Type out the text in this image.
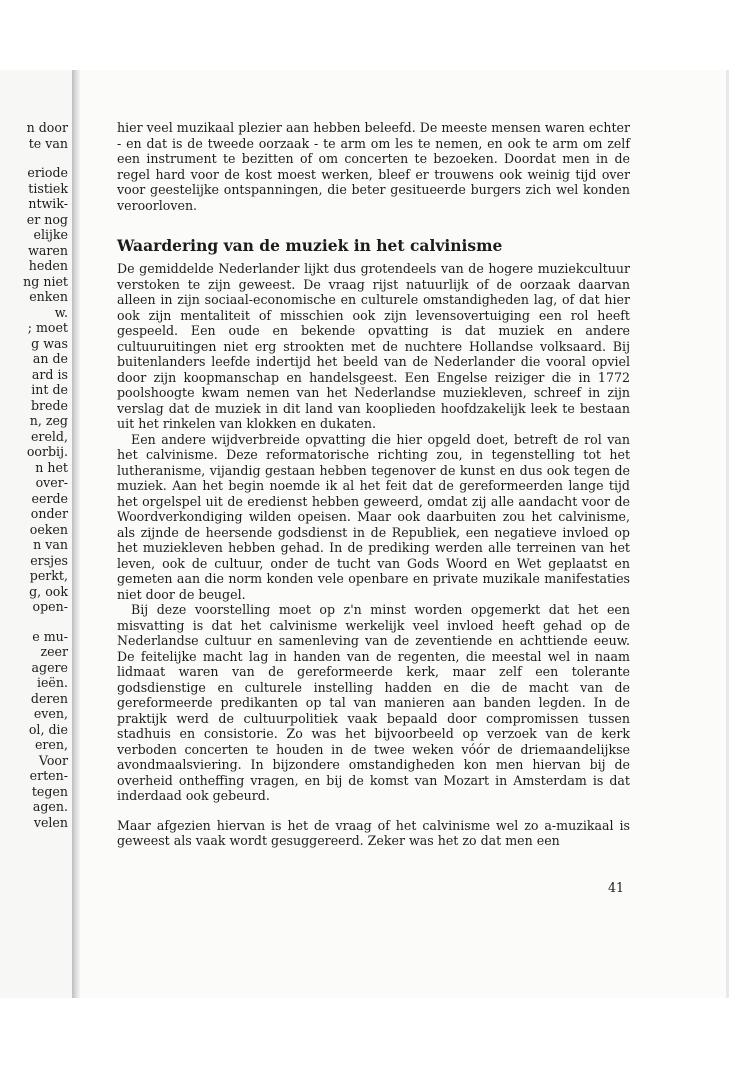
n door
te van
eriode
tistiek
ntwik-
er nog
elijke
waren
heden
ng niet
enken
w.
; moet
g was
an de
ard is
int de
brede
n, zeg
ereld,
oorbij.
n het
over-
eerde
onder
oeken
n van
ersjes
perkt,
g, ook
open-
e mu-
zeer
agere
ieën.
deren
even,
ol, die
eren,
Voor
erten-
tegen
agen.
velen

hier veel muzikaal plezier aan hebben beleefd. De meeste mensen waren echter - en dat is de tweede oorzaak - te arm om les te nemen, en ook te arm om zelf een instrument te bezitten of om concerten te bezoeken. Doordat men in de regel hard voor de kost moest werken, bleef er trouwens ook weinig tijd over voor geestelijke ontspanningen, die beter gesitueerde burgers zich wel konden veroorloven.

Waardering van de muziek in het calvinisme

De gemiddelde Nederlander lijkt dus grotendeels van de hogere muziekcultuur verstoken te zijn geweest. De vraag rijst natuurlijk of de oorzaak daarvan alleen in zijn sociaal-economische en culturele omstandigheden lag, of dat hier ook zijn mentaliteit of misschien ook zijn levensovertuiging een rol heeft gespeeld. Een oude en bekende opvatting is dat muziek en andere cultuuruitingen niet erg strookten met de nuchtere Hollandse volksaard. Bij buitenlanders leefde indertijd het beeld van de Nederlander die vooral opviel door zijn koopmanschap en handelsgeest. Een Engelse reiziger die in 1772 poolshoogte kwam nemen van het Nederlandse muziekleven, schreef in zijn verslag dat de muziek in dit land van kooplieden hoofdzakelijk leek te bestaan uit het rinkelen van klokken en dukaten.

Een andere wijdverbreide opvatting die hier opgeld doet, betreft de rol van het calvinisme. Deze reformatorische richting zou, in tegenstelling tot het lutheranisme, vijandig gestaan hebben tegenover de kunst en dus ook tegen de muziek. Aan het begin noemde ik al het feit dat de gereformeerden lange tijd het orgelspel uit de eredienst hebben geweerd, omdat zij alle aandacht voor de Woordverkondiging wilden opeisen. Maar ook daarbuiten zou het calvinisme, als zijnde de heersende godsdienst in de Republiek, een negatieve invloed op het muziekleven hebben gehad. In de prediking werden alle terreinen van het leven, ook de cultuur, onder de tucht van Gods Woord en Wet geplaatst en gemeten aan die norm konden vele openbare en private muzikale manifestaties niet door de beugel.

Bij deze voorstelling moet op z'n minst worden opgemerkt dat het een misvatting is dat het calvinisme werkelijk veel invloed heeft gehad op de Nederlandse cultuur en samenleving van de zeventiende en achttiende eeuw. De feitelijke macht lag in handen van de regenten, die meestal wel in naam lidmaat waren van de gereformeerde kerk, maar zelf een tolerante godsdienstige en culturele instelling hadden en die de macht van de gereformeerde predikanten op tal van manieren aan banden legden. In de praktijk werd de cultuurpolitiek vaak bepaald door compromissen tussen stadhuis en consistorie. Zo was het bijvoorbeeld op verzoek van de kerk verboden concerten te houden in de twee weken vóór de driemaandelijkse avondmaalsviering. In bijzondere omstandigheden kon men hiervan bij de overheid ontheffing vragen, en bij de komst van Mozart in Amsterdam is dat inderdaad ook gebeurd.

Maar afgezien hiervan is het de vraag of het calvinisme wel zo a-muzikaal is geweest als vaak wordt gesuggereerd. Zeker was het zo dat men een

41
